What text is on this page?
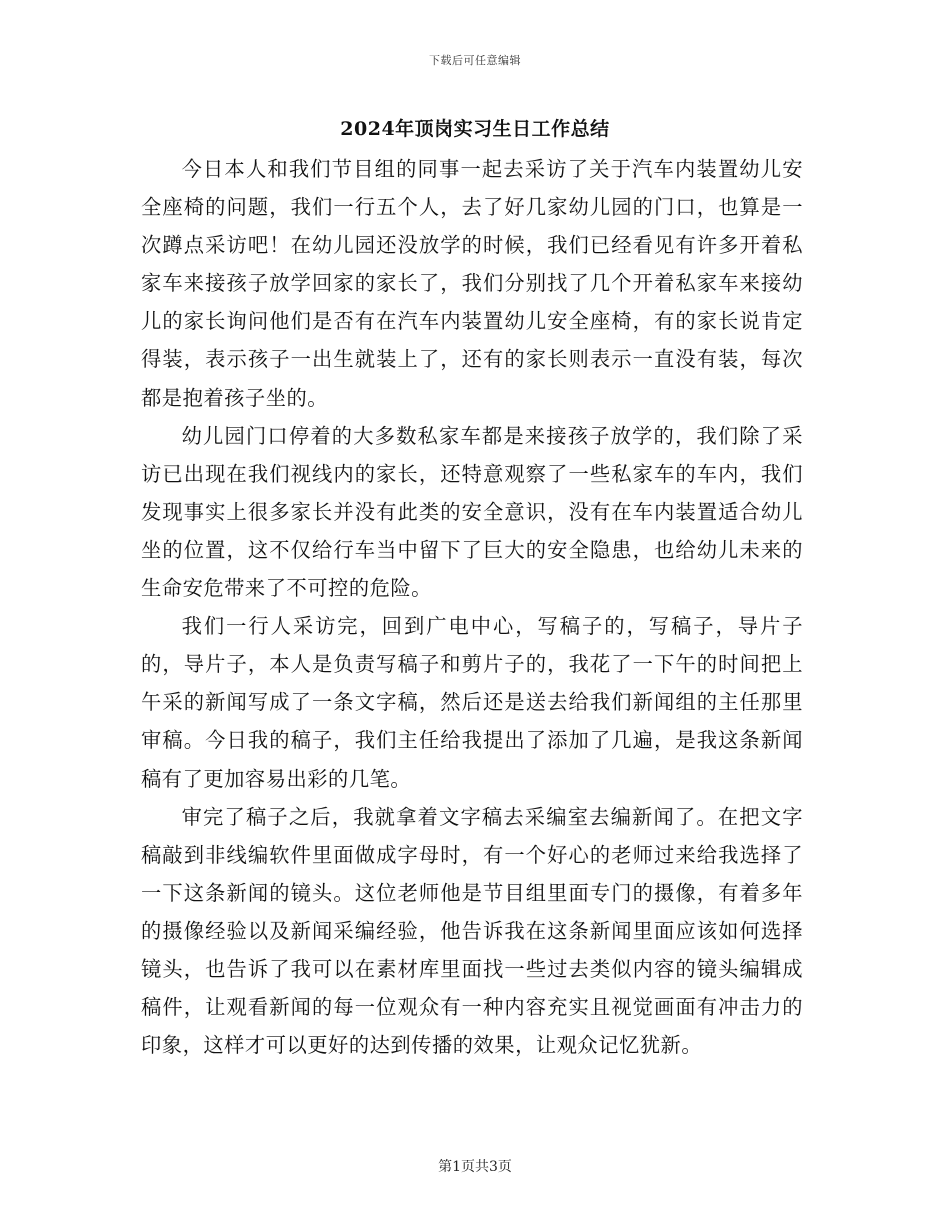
下载后可任意编辑
2024年顶岗实习生日工作总结

今日本人和我们节目组的同事一起去采访了关于汽车内装置幼儿安全座椅的问题，我们一行五个人，去了好几家幼儿园的门口，也算是一次蹲点采访吧！在幼儿园还没放学的时候，我们已经看见有许多开着私家车来接孩子放学回家的家长了，我们分别找了几个开着私家车来接幼儿的家长询问他们是否有在汽车内装置幼儿安全座椅，有的家长说肯定得装，表示孩子一出生就装上了，还有的家长则表示一直没有装，每次都是抱着孩子坐的。

幼儿园门口停着的大多数私家车都是来接孩子放学的，我们除了采访已出现在我们视线内的家长，还特意观察了一些私家车的车内，我们发现事实上很多家长并没有此类的安全意识，没有在车内装置适合幼儿坐的位置，这不仅给行车当中留下了巨大的安全隐患，也给幼儿未来的生命安危带来了不可控的危险。

我们一行人采访完，回到广电中心，写稿子的，写稿子，导片子的，导片子，本人是负责写稿子和剪片子的，我花了一下午的时间把上午采的新闻写成了一条文字稿，然后还是送去给我们新闻组的主任那里审稿。今日我的稿子，我们主任给我提出了添加了几遍，是我这条新闻稿有了更加容易出彩的几笔。

审完了稿子之后，我就拿着文字稿去采编室去编新闻了。在把文字稿敲到非线编软件里面做成字母时，有一个好心的老师过来给我选择了一下这条新闻的镜头。这位老师他是节目组里面专门的摄像，有着多年的摄像经验以及新闻采编经验，他告诉我在这条新闻里面应该如何选择镜头，也告诉了我可以在素材库里面找一些过去类似内容的镜头编辑成稿件，让观看新闻的每一位观众有一种内容充实且视觉画面有冲击力的印象，这样才可以更好的达到传播的效果，让观众记忆犹新。

第1页共3页
